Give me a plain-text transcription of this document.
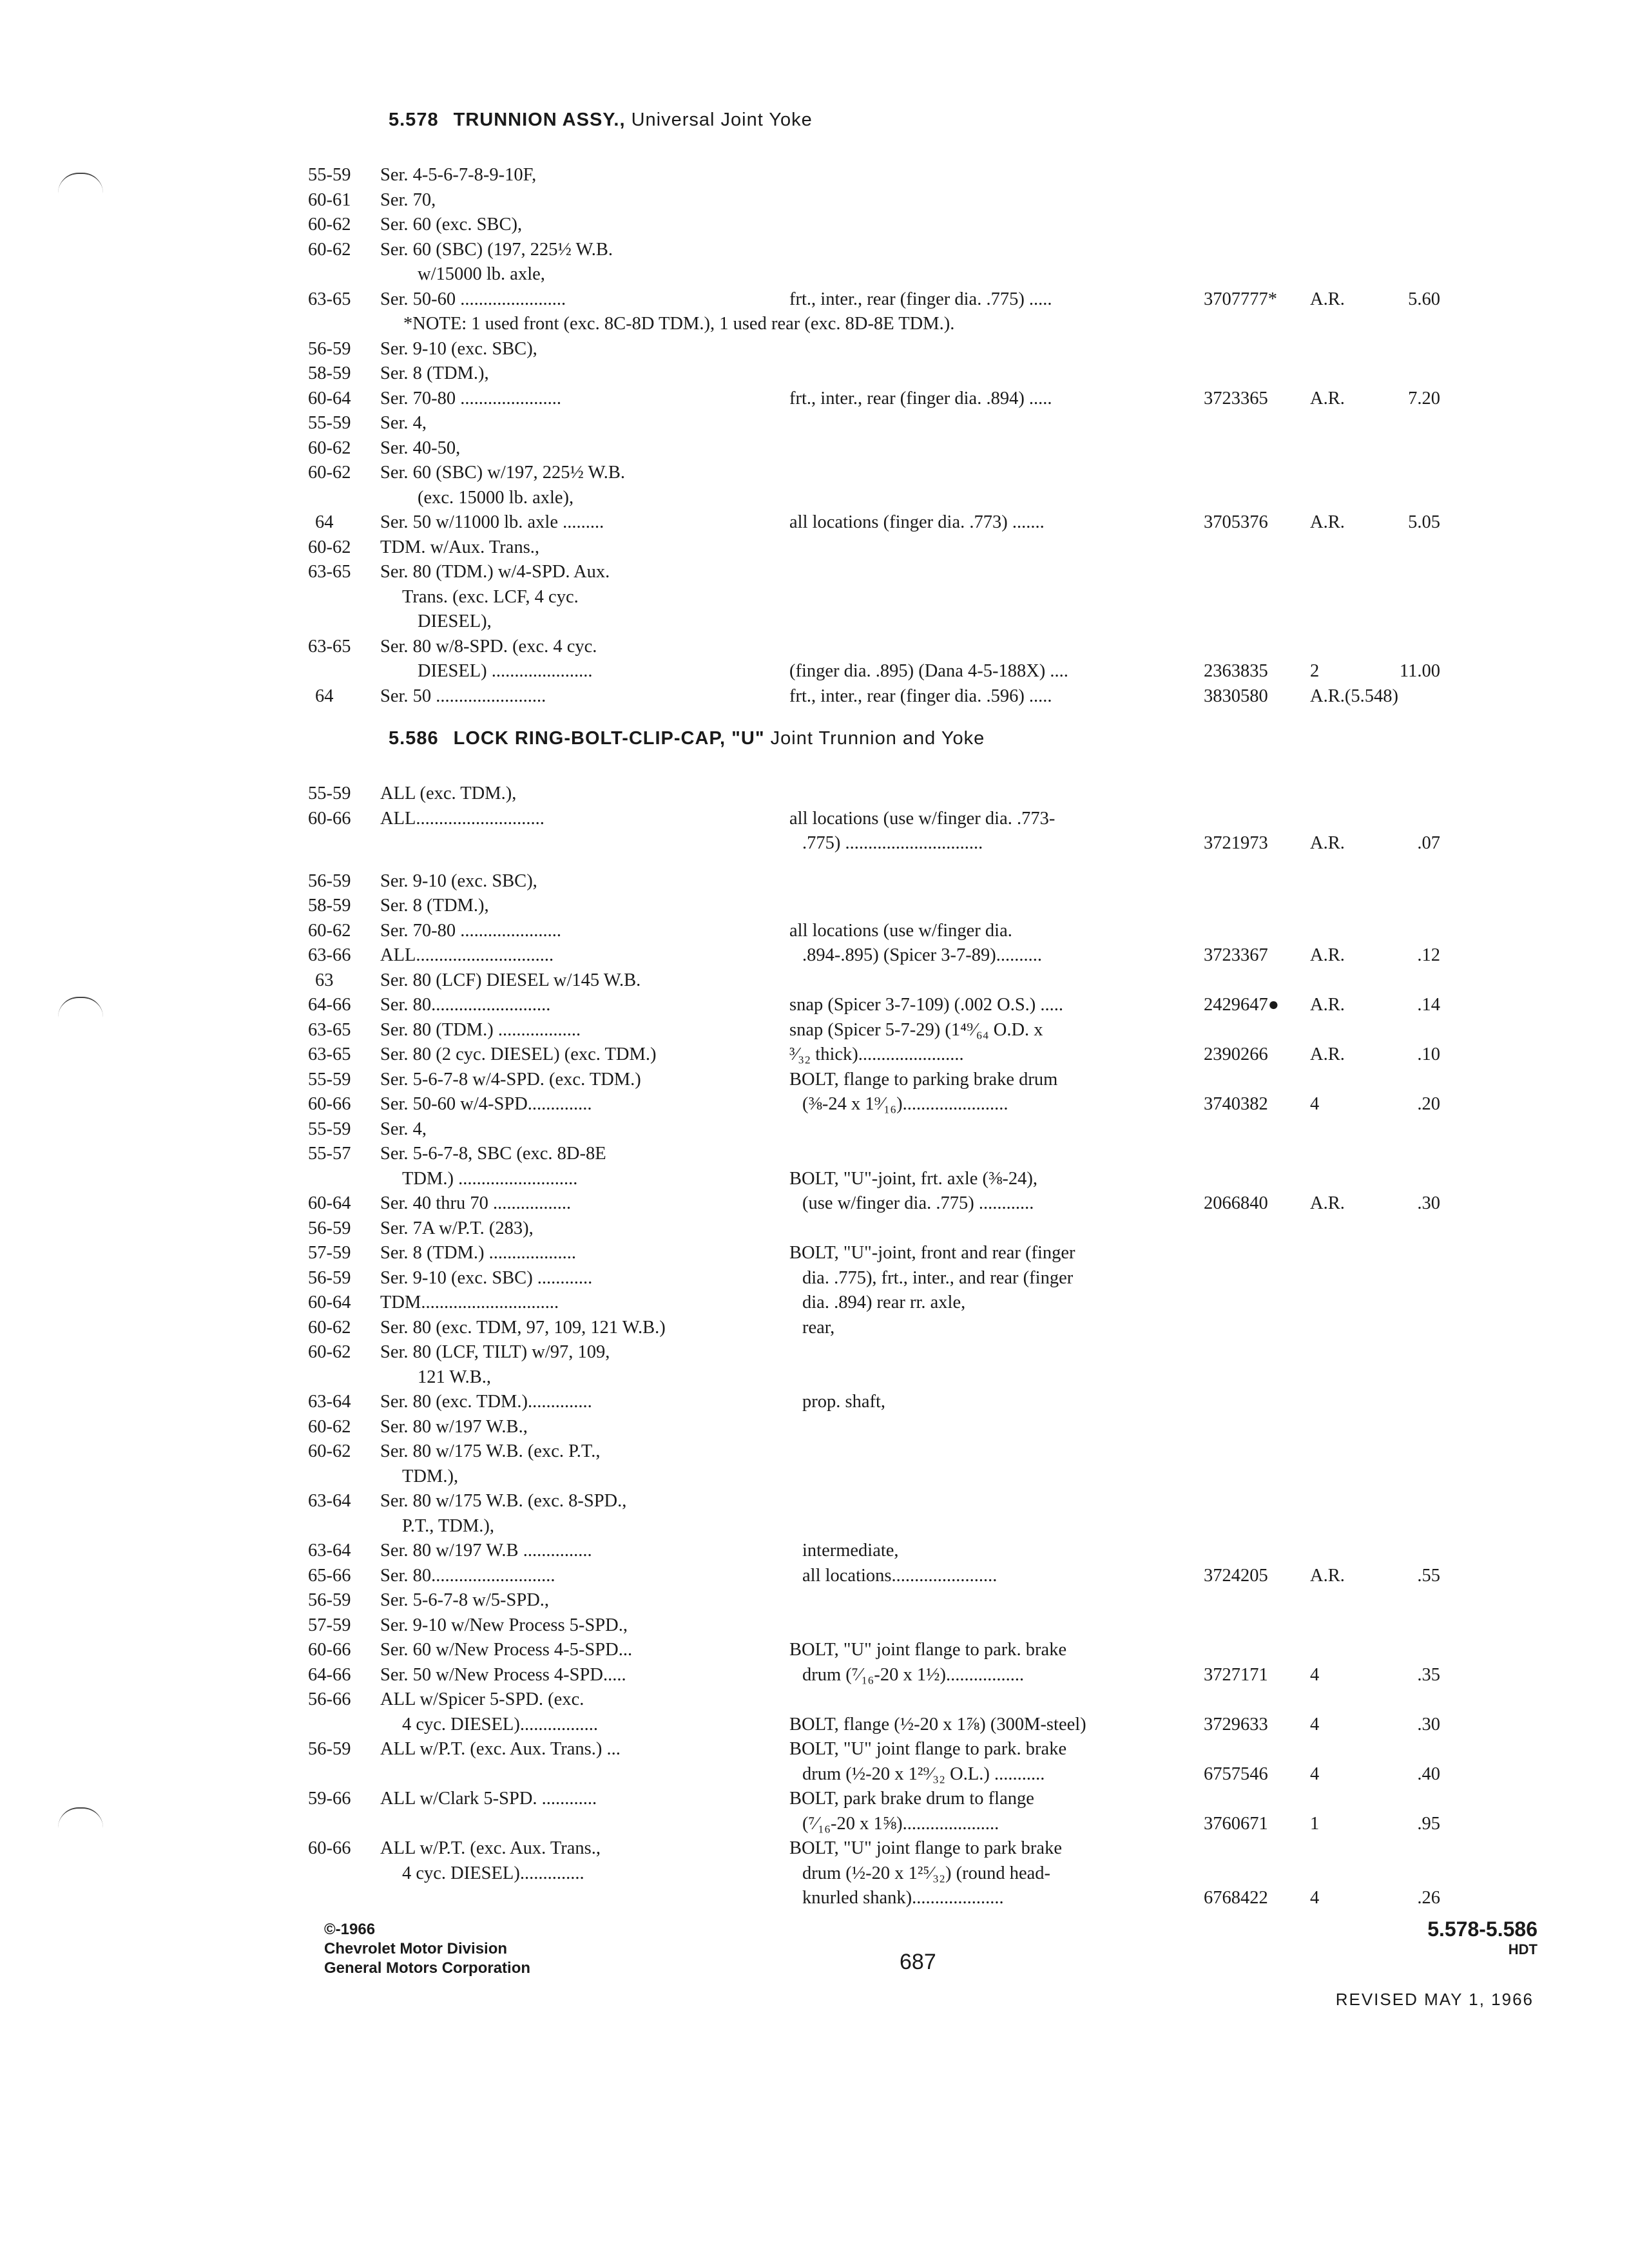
5.578 TRUNNION ASSY., Universal Joint Yoke
55-59 Ser. 4-5-6-7-8-9-10F,
60-61 Ser. 70,
60-62 Ser. 60 (exc. SBC),
60-62 Ser. 60 (SBC) (197, 225½ W.B.
w/15000 lb. axle,
63-65 Ser. 50-60 .......................	frt., inter., rear (finger dia. .775) .....	3707777* A.R.	5.60
*NOTE: 1 used front (exc. 8C-8D TDM.), 1 used rear (exc. 8D-8E TDM.).
56-59 Ser. 9-10 (exc. SBC),
58-59 Ser. 8 (TDM.),
60-64 Ser. 70-80 ......................	frt., inter., rear (finger dia. .894) .....	3723365 A.R.	7.20
55-59 Ser. 4,
60-62 Ser. 40-50,
60-62 Ser. 60 (SBC) w/197, 225½ W.B.
(exc. 15000 lb. axle),
64	Ser. 50 w/11000 lb. axle .........	all locations (finger dia. .773) .......	3705376 A.R.	5.05
60-62 TDM. w/Aux. Trans.,
63-65 Ser. 80 (TDM.) w/4-SPD. Aux.
Trans. (exc. LCF, 4 cyc.
DIESEL),
63-65 Ser. 80 w/8-SPD. (exc. 4 cyc.
DIESEL) ......................	(finger dia. .895) (Dana 4-5-188X) ....	2363835 2	11.00
64	Ser. 50 ........................	frt., inter., rear (finger dia. .596) .....	3830580 A.R.(5.548)
5.586 LOCK RING-BOLT-CLIP-CAP, "U" Joint Trunnion and Yoke
55-59 ALL (exc. TDM.),
60-66 ALL............................	all locations (use w/finger dia. .773-
.775) ..............................	3721973 A.R.	.07
56-59 Ser. 9-10 (exc. SBC),
58-59 Ser. 8 (TDM.),
60-62 Ser. 70-80 ......................	all locations (use w/finger dia.
63-66 ALL..............................	.894-.895) (Spicer 3-7-89)..........	3723367 A.R.	.12
63	Ser. 80 (LCF) DIESEL w/145 W.B.
64-66 Ser. 80..........................	snap (Spicer 3-7-109) (.002 O.S.) .....	2429647● A.R.	.14
63-65 Ser. 80 (TDM.) ..................	snap (Spicer 5-7-29) (1⁴⁹⁄₆₄ O.D. x
63-65 Ser. 80 (2 cyc. DIESEL) (exc. TDM.)	³⁄₃₂ thick).......................	2390266 A.R.	.10
55-59 Ser. 5-6-7-8 w/4-SPD. (exc. TDM.)	BOLT, flange to parking brake drum
60-66 Ser. 50-60 w/4-SPD..............	(⅜-24 x 1⁹⁄₁₆).......................	3740382 4	.20
55-59 Ser. 4,
55-57 Ser. 5-6-7-8, SBC (exc. 8D-8E
TDM.) ..........................	BOLT, "U"-joint, frt. axle (⅜-24),
60-64 Ser. 40 thru 70 .................	(use w/finger dia. .775) ............	2066840 A.R.	.30
56-59 Ser. 7A w/P.T. (283),
57-59 Ser. 8 (TDM.) ...................	BOLT, "U"-joint, front and rear (finger
56-59 Ser. 9-10 (exc. SBC) ............	dia. .775), frt., inter., and rear (finger
60-64 TDM..............................	dia. .894) rear rr. axle,
60-62 Ser. 80 (exc. TDM, 97, 109, 121 W.B.)	rear,
60-62 Ser. 80 (LCF, TILT) w/97, 109,
121 W.B.,
63-64 Ser. 80 (exc. TDM.)..............	prop. shaft,
60-62 Ser. 80 w/197 W.B.,
60-62 Ser. 80 w/175 W.B. (exc. P.T.,
TDM.),
63-64 Ser. 80 w/175 W.B. (exc. 8-SPD.,
P.T., TDM.),
63-64 Ser. 80 w/197 W.B ...............	intermediate,
65-66 Ser. 80...........................	all locations.......................	3724205 A.R.	.55
56-59 Ser. 5-6-7-8 w/5-SPD.,
57-59 Ser. 9-10 w/New Process 5-SPD.,
60-66 Ser. 60 w/New Process 4-5-SPD...	BOLT, "U" joint flange to park. brake
64-66 Ser. 50 w/New Process 4-SPD.....	drum (⁷⁄₁₆-20 x 1½).................	3727171 4	.35
56-66 ALL w/Spicer 5-SPD. (exc.
4 cyc. DIESEL).................	BOLT, flange (½-20 x 1⅞) (300M-steel)	3729633 4	.30
56-59 ALL w/P.T. (exc. Aux. Trans.) ...	BOLT, "U" joint flange to park. brake
drum (½-20 x 1²⁹⁄₃₂ O.L.) ...........	6757546 4	.40
59-66 ALL w/Clark 5-SPD. ............	BOLT, park brake drum to flange
(⁷⁄₁₆-20 x 1⅝).....................	3760671 1	.95
60-66 ALL w/P.T. (exc. Aux. Trans.,	BOLT, "U" joint flange to park brake
4 cyc. DIESEL)..............	drum (½-20 x 1²⁵⁄₃₂) (round head-
knurled shank)....................	6768422 4	.26
©-1966
Chevrolet Motor Division
General Motors Corporation	687
5.578-5.586
HDT
REVISED MAY 1, 1966
